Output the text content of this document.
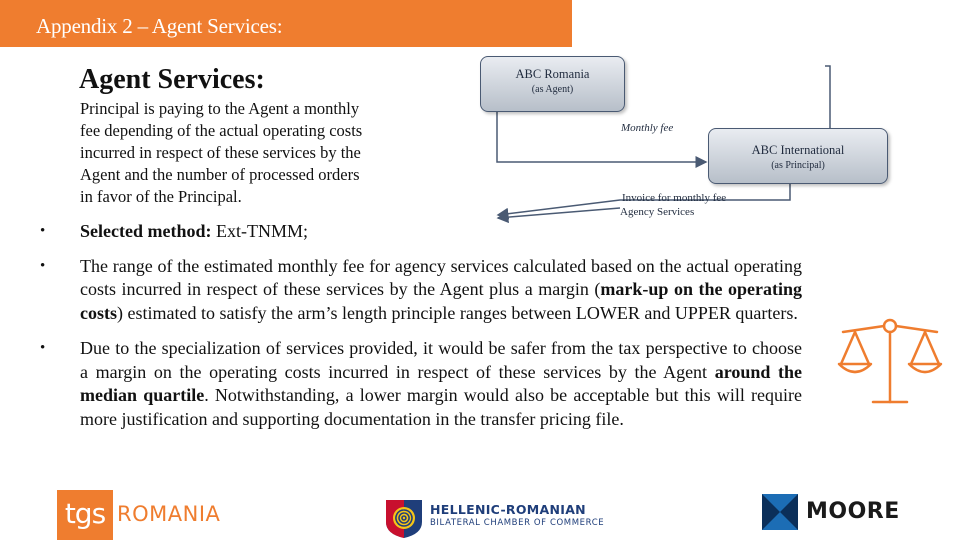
Appendix 2 – Agent Services:
Agent Services:
Principal is paying to the Agent a monthly
fee depending of the actual operating costs
incurred in respect of these services by the
Agent and the number of processed orders
in favor of the Principal.
ABC Romania
(as Agent)
Monthly fee
ABC International
(as Principal)
Invoice for monthly fee
Agency Services
• Selected method: Ext-TNMM;
• The range of the estimated monthly fee for agency services calculated based on the actual operating costs incurred in respect of these services by the Agent plus a margin (mark-up on the operating costs) estimated to satisfy the arm’s length principle ranges between LOWER and UPPER quarters.
• Due to the specialization of services provided, it would be safer from the tax perspective to choose a margin on the operating costs incurred in respect of these services by the Agent around the median quartile. Notwithstanding, a lower margin would also be acceptable but this will require more justification and supporting documentation in the transfer pricing file.
tgs ROMANIA	HELLENIC-ROMANIAN
BILATERAL CHAMBER OF COMMERCE	MOORE
